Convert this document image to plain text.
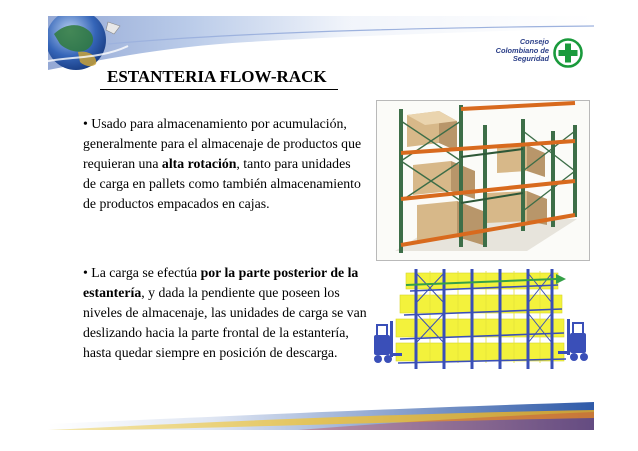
Consejo
Colombiano de
Seguridad
ESTANTERIA FLOW-RACK
• Usado para almacenamiento por acumulación, generalmente para el almacenaje de productos que requieran una alta rotación, tanto para unidades de carga en pallets como también almacenamiento de productos empacados en cajas.
• La carga se efectúa por la parte posterior de la estantería, y dada la pendiente que poseen los niveles de almacenaje, las unidades de carga se van deslizando hacia la parte frontal de la estantería, hasta quedar siempre en posición de descarga.
